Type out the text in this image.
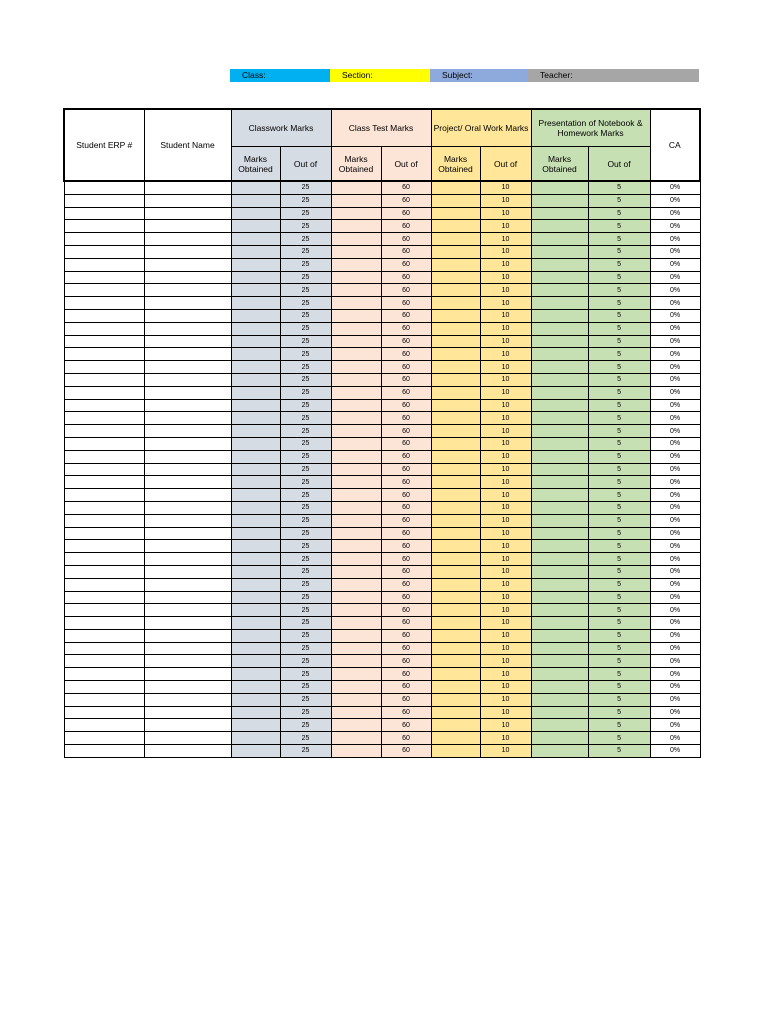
Class:	Section:	Subject:	Teacher:
Student ERP #	Student Name	Classwork Marks		Class Test Marks		Project/ Oral Work Marks		Presentation of Notebook & Homework Marks		CA
		Marks Obtained	Out of	Marks Obtained	Out of	Marks Obtained	Out of	Marks Obtained	Out of	
			25		60		10		5	0%
			25		60		10		5	0%
			25		60		10		5	0%
			25		60		10		5	0%
			25		60		10		5	0%
			25		60		10		5	0%
			25		60		10		5	0%
			25		60		10		5	0%
			25		60		10		5	0%
			25		60		10		5	0%
			25		60		10		5	0%
			25		60		10		5	0%
			25		60		10		5	0%
			25		60		10		5	0%
			25		60		10		5	0%
			25		60		10		5	0%
			25		60		10		5	0%
			25		60		10		5	0%
			25		60		10		5	0%
			25		60		10		5	0%
			25		60		10		5	0%
			25		60		10		5	0%
			25		60		10		5	0%
			25		60		10		5	0%
			25		60		10		5	0%
			25		60		10		5	0%
			25		60		10		5	0%
			25		60		10		5	0%
			25		60		10		5	0%
			25		60		10		5	0%
			25		60		10		5	0%
			25		60		10		5	0%
			25		60		10		5	0%
			25		60		10		5	0%
			25		60		10		5	0%
			25		60		10		5	0%
			25		60		10		5	0%
			25		60		10		5	0%
			25		60		10		5	0%
			25		60		10		5	0%
			25		60		10		5	0%
			25		60		10		5	0%
			25		60		10		5	0%
			25		60		10		5	0%
			25		60		10		5	0%
